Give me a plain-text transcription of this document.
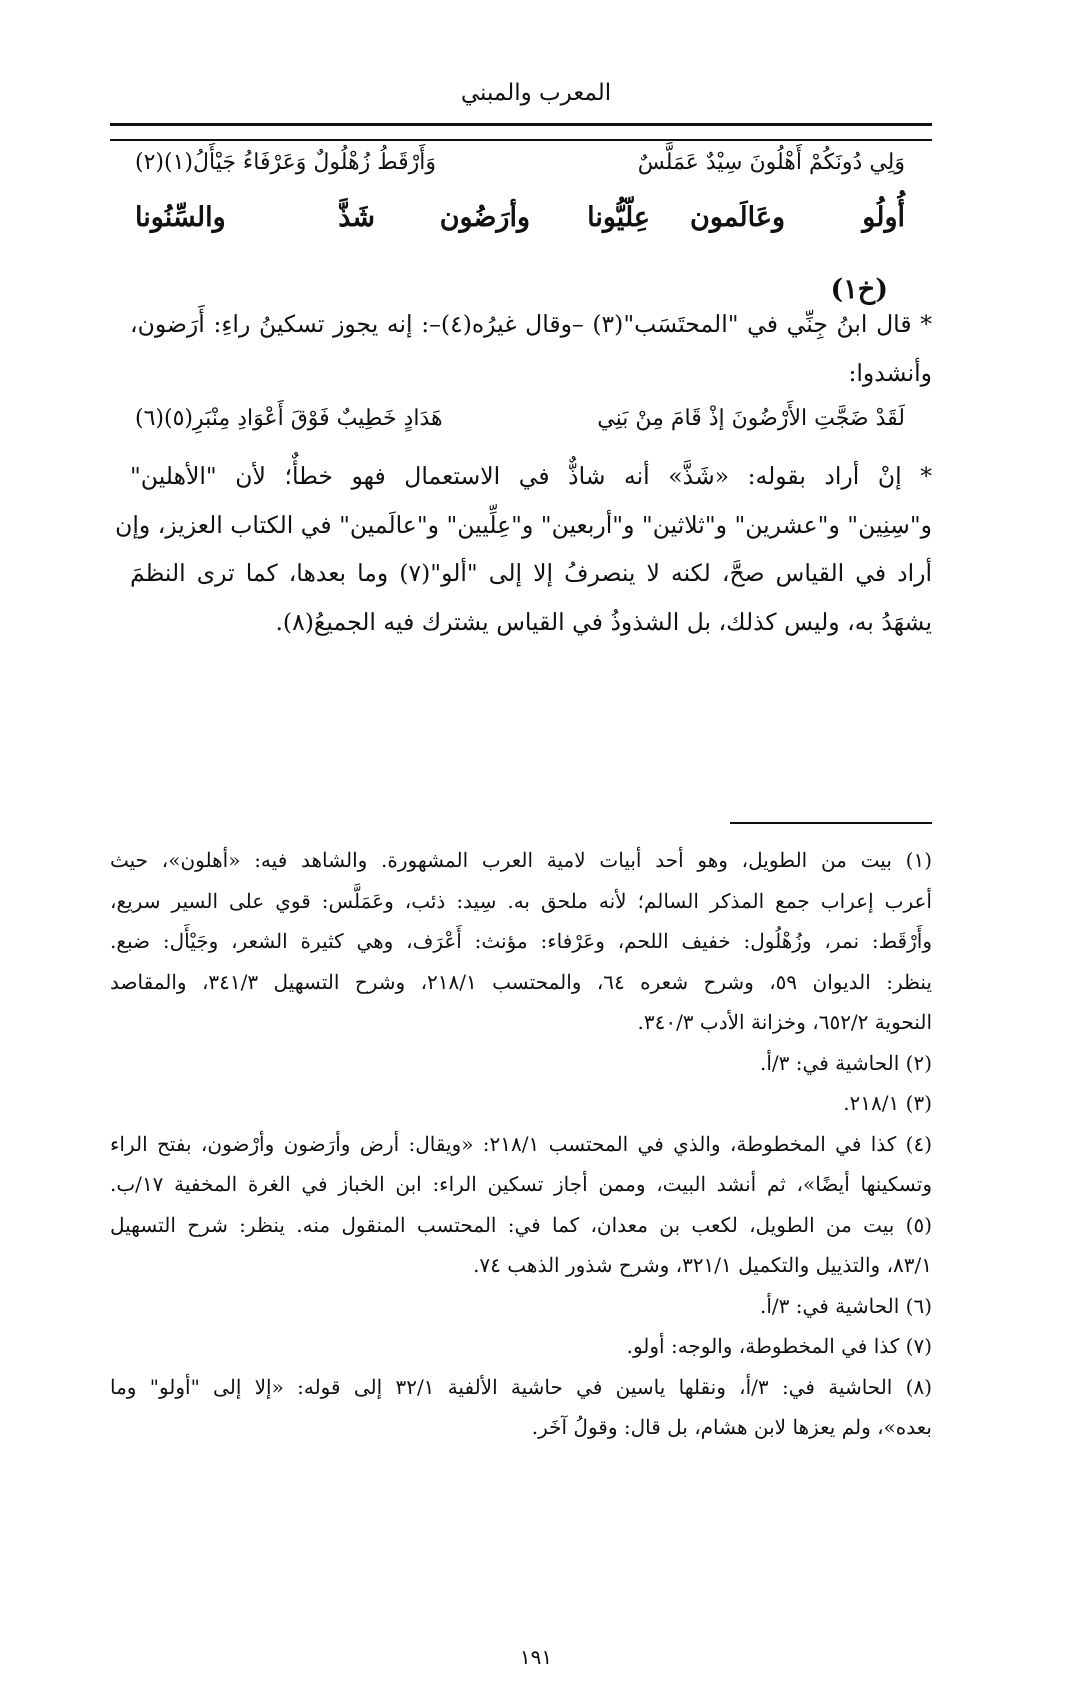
المعرب والمبني
وَلِي دُونَكُمْ أَهْلُونَ سِيْدٌ عَمَلَّسٌ
وَأَرْقَطُ زُهْلُولٌ وَعَرْفَاءُ جَيْأَلُ(١)(٢)
أُولُو
وعَالَمون
عِلّيُّونا
وأرَضُون
شَذَّ
والسِّنُونا
(خ١)
* قال ابنُ جِنِّي في "المحتَسَب"(٣) –وقال غيرُه(٤)–: إنه يجوز تسكينُ راءِ: أَرَضون،
وأنشدوا:
لَقَدْ ضَجَّتِ الأَرْضُونَ إذْ قَامَ مِنْ بَنِي
هَدَادٍ خَطِيبٌ فَوْقَ أَعْوَادِ مِنْبَرِ(٥)(٦)
* إنْ أراد بقوله: «شَذَّ» أنه شاذٌّ في الاستعمال فهو خطأٌ؛ لأن "الأهلين"
و"سِنِين" و"عشرين" و"ثلاثين" و"أربعين" و"عِلِّيين" و"عالَمين" في الكتاب العزيز، وإن
أراد في القياس صحَّ، لكنه لا ينصرفُ إلا إلى "ألو"(٧) وما بعدها، كما ترى النظمَ
يشهَدُ به، وليس كذلك، بل الشذوذُ في القياس يشترك فيه الجميعُ(٨).
(١) بيت من الطويل، وهو أحد أبيات لامية العرب المشهورة. والشاهد فيه: «أهلون»، حيث
أعرب إعراب جمع المذكر السالم؛ لأنه ملحق به. سِيد: ذئب، وعَمَلَّس: قوي على السير سريع،
وأَرْقَط: نمر، وزُهْلُول: خفيف اللحم، وعَرْفاء: مؤنث: أَعْرَف، وهي كثيرة الشعر، وجَيْأَل: ضبع.
ينظر: الديوان ٥٩، وشرح شعره ٦٤، والمحتسب ٢١٨/١، وشرح التسهيل ٣٤١/٣، والمقاصد
النحوية ٦٥٢/٢، وخزانة الأدب ٣٤٠/٣.
(٢) الحاشية في: ٣/أ.
(٣) ٢١٨/١.
(٤) كذا في المخطوطة، والذي في المحتسب ٢١٨/١: «ويقال: أرض وأرَضون وأرْضون، بفتح الراء
وتسكينها أيضًا»، ثم أنشد البيت، وممن أجاز تسكين الراء: ابن الخباز في الغرة المخفية ١٧/ب.
(٥) بيت من الطويل، لكعب بن معدان، كما في: المحتسب المنقول منه. ينظر: شرح التسهيل
٨٣/١، والتذييل والتكميل ٣٢١/١، وشرح شذور الذهب ٧٤.
(٦) الحاشية في: ٣/أ.
(٧) كذا في المخطوطة، والوجه: أولو.
(٨) الحاشية في: ٣/أ، ونقلها ياسين في حاشية الألفية ٣٢/١ إلى قوله: «إلا إلى "أولو" وما
بعده»، ولم يعزها لابن هشام، بل قال: وقولُ آخَر.
١٩١
